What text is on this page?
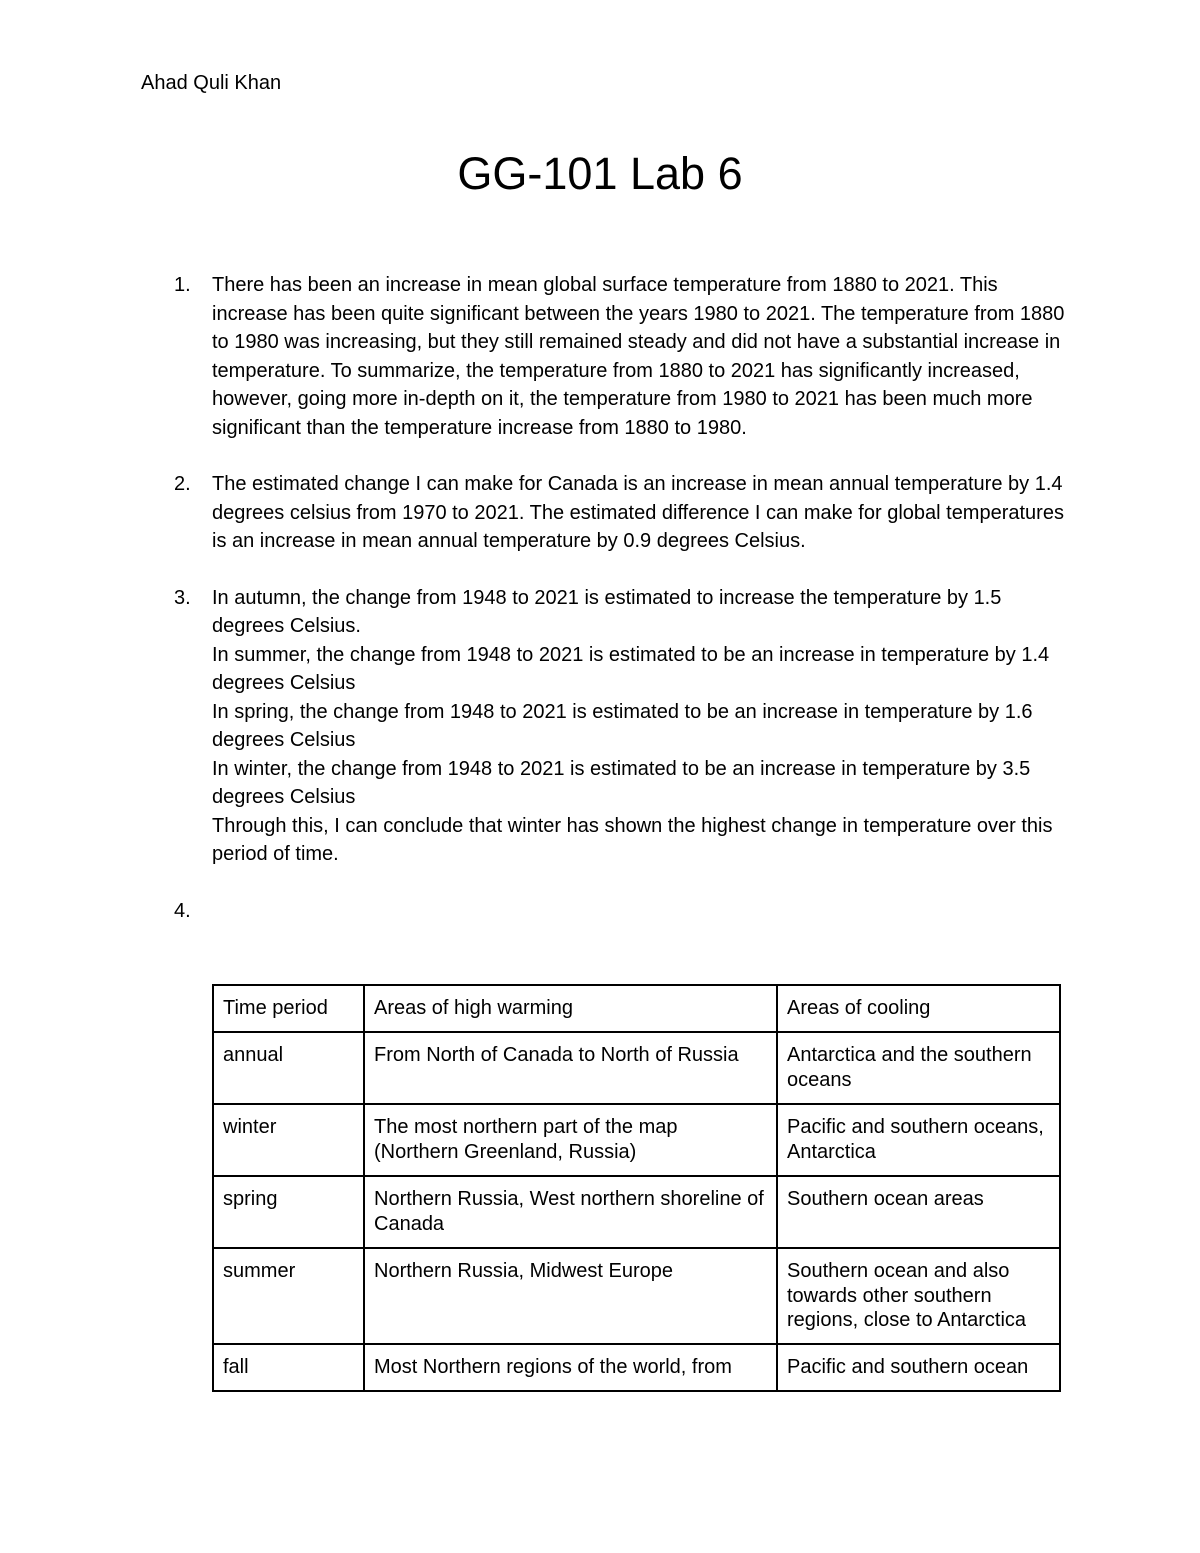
Ahad Quli Khan
GG-101 Lab 6
1. There has been an increase in mean global surface temperature from 1880 to 2021. This increase has been quite significant between the years 1980 to 2021. The temperature from 1880 to 1980 was increasing, but they still remained steady and did not have a substantial increase in temperature. To summarize, the temperature from 1880 to 2021 has significantly increased, however, going more in-depth on it, the temperature from 1980 to 2021 has been much more significant than the temperature increase from 1880 to 1980.

2. The estimated change I can make for Canada is an increase in mean annual temperature by 1.4 degrees celsius from 1970 to 2021. The estimated difference I can make for global temperatures is an increase in mean annual temperature by 0.9 degrees Celsius.

3. In autumn, the change from 1948 to 2021 is estimated to increase the temperature by 1.5 degrees Celsius.

In summer, the change from 1948 to 2021 is estimated to be an increase in temperature by 1.4 degrees Celsius

In spring, the change from 1948 to 2021 is estimated to be an increase in temperature by 1.6 degrees Celsius

In winter, the change from 1948 to 2021 is estimated to be an increase in temperature by 3.5 degrees Celsius

Through this, I can conclude that winter has shown the highest change in temperature over this period of time.

4.

Time period	Areas of high warming	Areas of cooling
annual	From North of Canada to North of Russia	Antarctica and the southern oceans
winter	The most northern part of the map (Northern Greenland, Russia)	Pacific and southern oceans, Antarctica
spring	Northern Russia, West northern shoreline of Canada	Southern ocean areas
summer	Northern Russia, Midwest Europe	Southern ocean and also towards other southern regions, close to Antarctica
fall	Most Northern regions of the world, from	Pacific and southern ocean
